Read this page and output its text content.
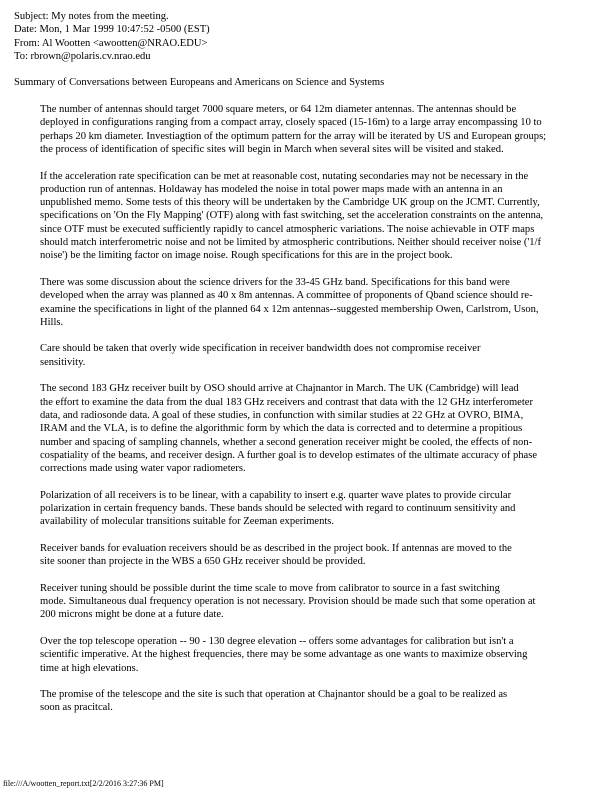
Subject: My notes from the meeting.
Date: Mon, 1 Mar 1999 10:47:52 -0500 (EST)
From: Al Wootten <awootten@NRAO.EDU>
To: rbrown@polaris.cv.nrao.edu

Summary of Conversations between Europeans and Americans on Science and Systems

The number of antennas should target 7000 square meters, or 64 12m diameter antennas. The antennas should be
deployed in configurations ranging from a compact array, closely spaced (15-16m) to a large array encompassing 10 to
perhaps 20 km diameter. Investiagtion of the optimum pattern for the array will be iterated by US and European groups;
the process of identification of specific sites will begin in March when several sites will be visited and staked.

If the acceleration rate specification can be met at reasonable cost, nutating secondaries may not be necessary in the
production run of antennas. Holdaway has modeled the noise in total power maps made with an antenna in an
unpublished memo. Some tests of this theory will be undertaken by the Cambridge UK group on the JCMT. Currently,
specifications on 'On the Fly Mapping' (OTF) along with fast switching, set the acceleration constraints on the antenna,
since OTF must be executed sufficiently rapidly to cancel atmospheric variations. The noise achievable in OTF maps
should match interferometric noise and not be limited by atmospheric contributions. Neither should receiver noise ('1/f
noise') be the limiting factor on image noise. Rough specifications for this are in the project book.

There was some discussion about the science drivers for the 33-45 GHz band. Specifications for this band were
developed when the array was planned as 40 x 8m antennas. A committee of proponents of Qband science should re-
examine the specifications in light of the planned 64 x 12m antennas--suggested membership Owen, Carlstrom, Uson,
Hills.

Care should be taken that overly wide specification in receiver bandwidth does not compromise receiver
sensitivity.

The second 183 GHz receiver built by OSO should arrive at Chajnantor in March. The UK (Cambridge) will lead
the effort to examine the data from the dual 183 GHz receivers and contrast that data with the 12 GHz interferometer
data, and radiosonde data. A goal of these studies, in confunction with similar studies at 22 GHz at OVRO, BIMA,
IRAM and the VLA, is to define the algorithmic form by which the data is corrected and to determine a propitious
number and spacing of sampling channels, whether a second generation receiver might be cooled, the effects of non-
cospatiality of the beams, and receiver design. A further goal is to develop estimates of the ultimate accuracy of phase
corrections made using water vapor radiometers.

Polarization of all receivers is to be linear, with a capability to insert e.g. quarter wave plates to provide circular
polarization in certain frequency bands. These bands should be selected with regard to continuum sensitivity and
availability of molecular transitions suitable for Zeeman experiments.

Receiver bands for evaluation receivers should be as described in the project book. If antennas are moved to the
site sooner than projecte in the WBS a 650 GHz receiver should be provided.

Receiver tuning should be possible durint the time scale to move from calibrator to source in a fast switching
mode. Simultaneous dual frequency operation is not necessary. Provision should be made such that some operation at
200 microns might be done at a future date.

Over the top telescope operation -- 90 - 130 degree elevation -- offers some advantages for calibration but isn't a
scientific imperative. At the highest frequencies, there may be some advantage as one wants to maximize observing
time at high elevations.

The promise of the telescope and the site is such that operation at Chajnantor should be a goal to be realized as
soon as pracitcal.

file:///A/wootten_report.txt[2/2/2016 3:27:36 PM]
